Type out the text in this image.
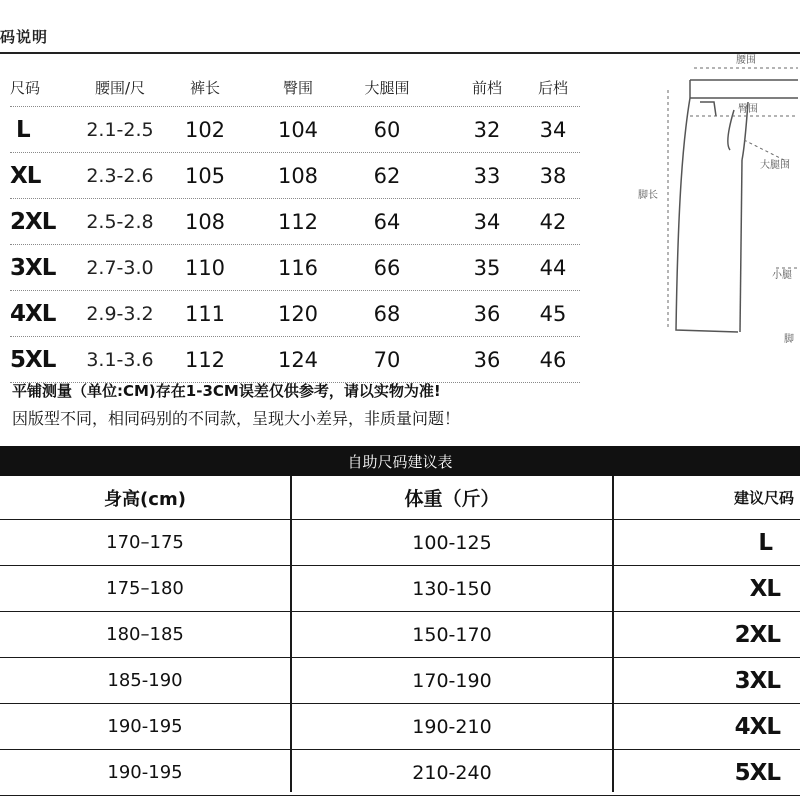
码说明
尺码	腰围/尺	裤长	臀围	大腿围	前档	后档
L	2.1-2.5	102	104	60	32	34
XL	2.3-2.6	105	108	62	33	38
2XL	2.5-2.8	108	112	64	34	42
3XL	2.7-3.0	110	116	66	35	44
4XL	2.9-3.2	111	120	68	36	45
5XL	3.1-3.6	112	124	70	36	46
平铺测量（单位:CM)存在1-3CM误差仅供参考，请以实物为准!
因版型不同，相同码别的不同款，呈现大小差异，非质量问题！
腰围
臀围
大腿围
脚长
小腿
脚
自助尺码建议表
身高(cm)	体重（斤）	建议尺码
170–175	100-125	L
175–180	130-150	XL
180–185	150-170	2XL
185-190	170-190	3XL
190-195	190-210	4XL
190-195	210-240	5XL
